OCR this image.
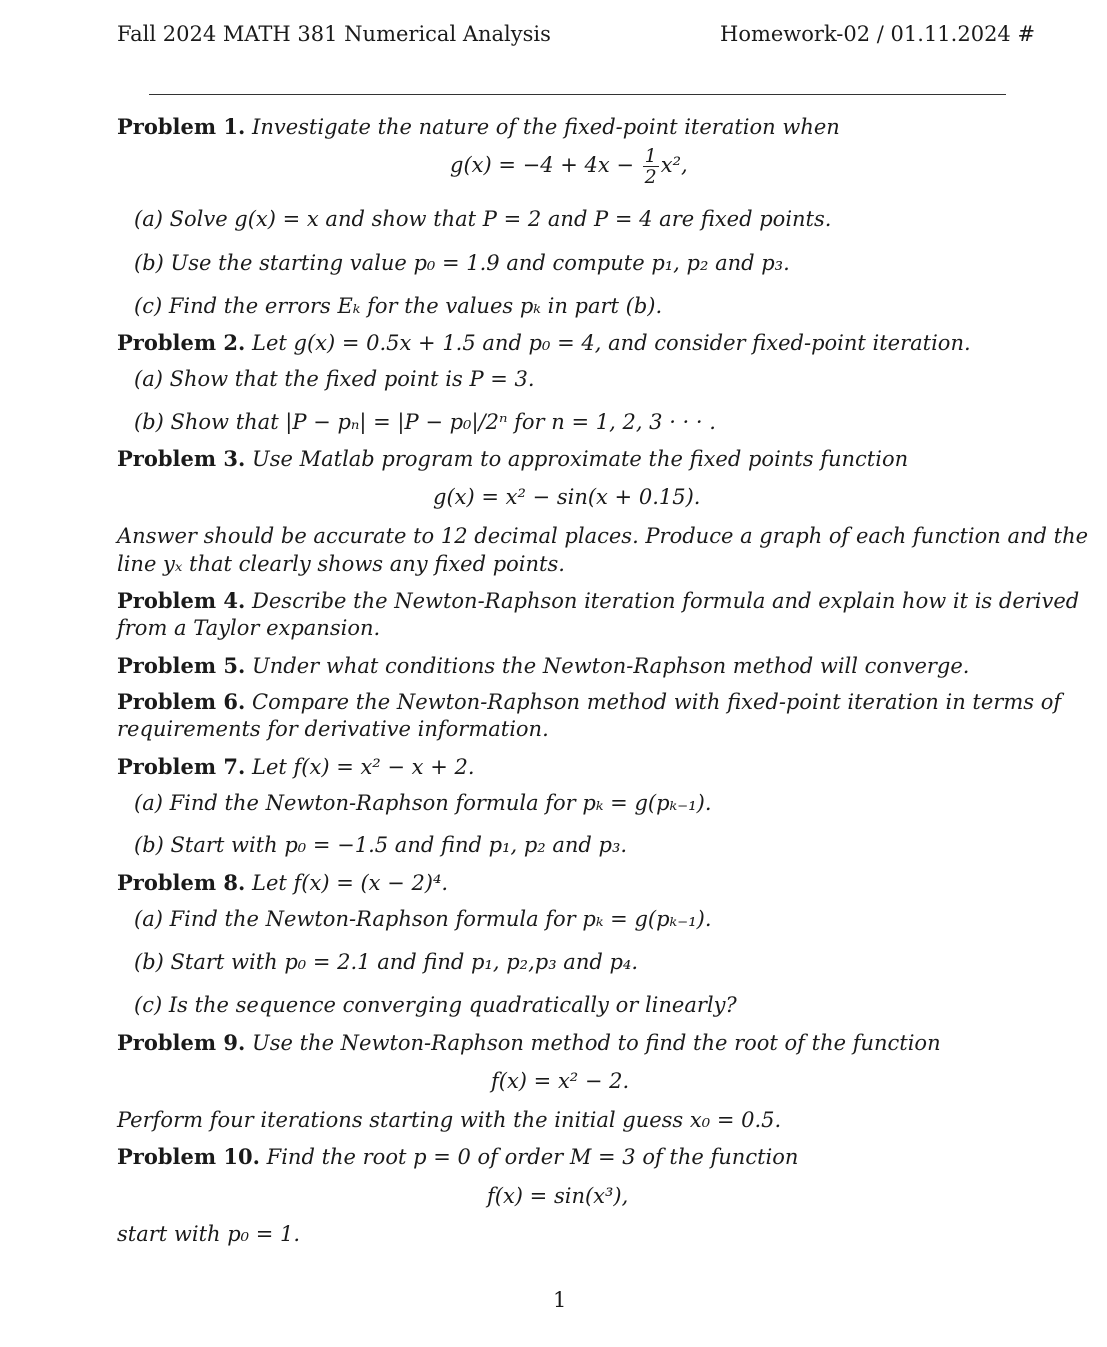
Fall 2024 MATH 381 Numerical Analysis	Homework-02 / 01.11.2024 #
Problem 1. Investigate the nature of the fixed-point iteration when
$g(x) = -4 + 4x - \frac{1}{2} x^2$,
(a) Solve g(x) = x and show that P = 2 and P = 4 are fixed points.
(b) Use the starting value p₀ = 1.9 and compute p₁, p₂ and p₃.
(c) Find the errors Eₖ for the values pₖ in part (b).
Problem 2. Let g(x) = 0.5x + 1.5 and p₀ = 4, and consider fixed-point iteration.
(a) Show that the fixed point is P = 3.
(b) Show that |P − pₙ| = |P − p₀|/2ⁿ for n = 1, 2, 3 · · · .
Problem 3. Use Matlab program to approximate the fixed points function
g(x) = x² − sin(x + 0.15).
Answer should be accurate to 12 decimal places. Produce a graph of each function and the
line yₓ that clearly shows any fixed points.
Problem 4. Describe the Newton-Raphson iteration formula and explain how it is derived
from a Taylor expansion.
Problem 5. Under what conditions the Newton-Raphson method will converge.
Problem 6. Compare the Newton-Raphson method with fixed-point iteration in terms of
requirements for derivative information.
Problem 7. Let f(x) = x² − x + 2.
(a) Find the Newton-Raphson formula for pₖ = g(pₖ₋₁).
(b) Start with p₀ = −1.5 and find p₁, p₂ and p₃.
Problem 8. Let f(x) = (x − 2)⁴.
(a) Find the Newton-Raphson formula for pₖ = g(pₖ₋₁).
(b) Start with p₀ = 2.1 and find p₁, p₂,p₃ and p₄.
(c) Is the sequence converging quadratically or linearly?
Problem 9. Use the Newton-Raphson method to find the root of the function
f(x) = x² − 2.
Perform four iterations starting with the initial guess x₀ = 0.5.
Problem 10. Find the root p = 0 of order M = 3 of the function
f(x) = sin(x³),
start with p₀ = 1.
1
